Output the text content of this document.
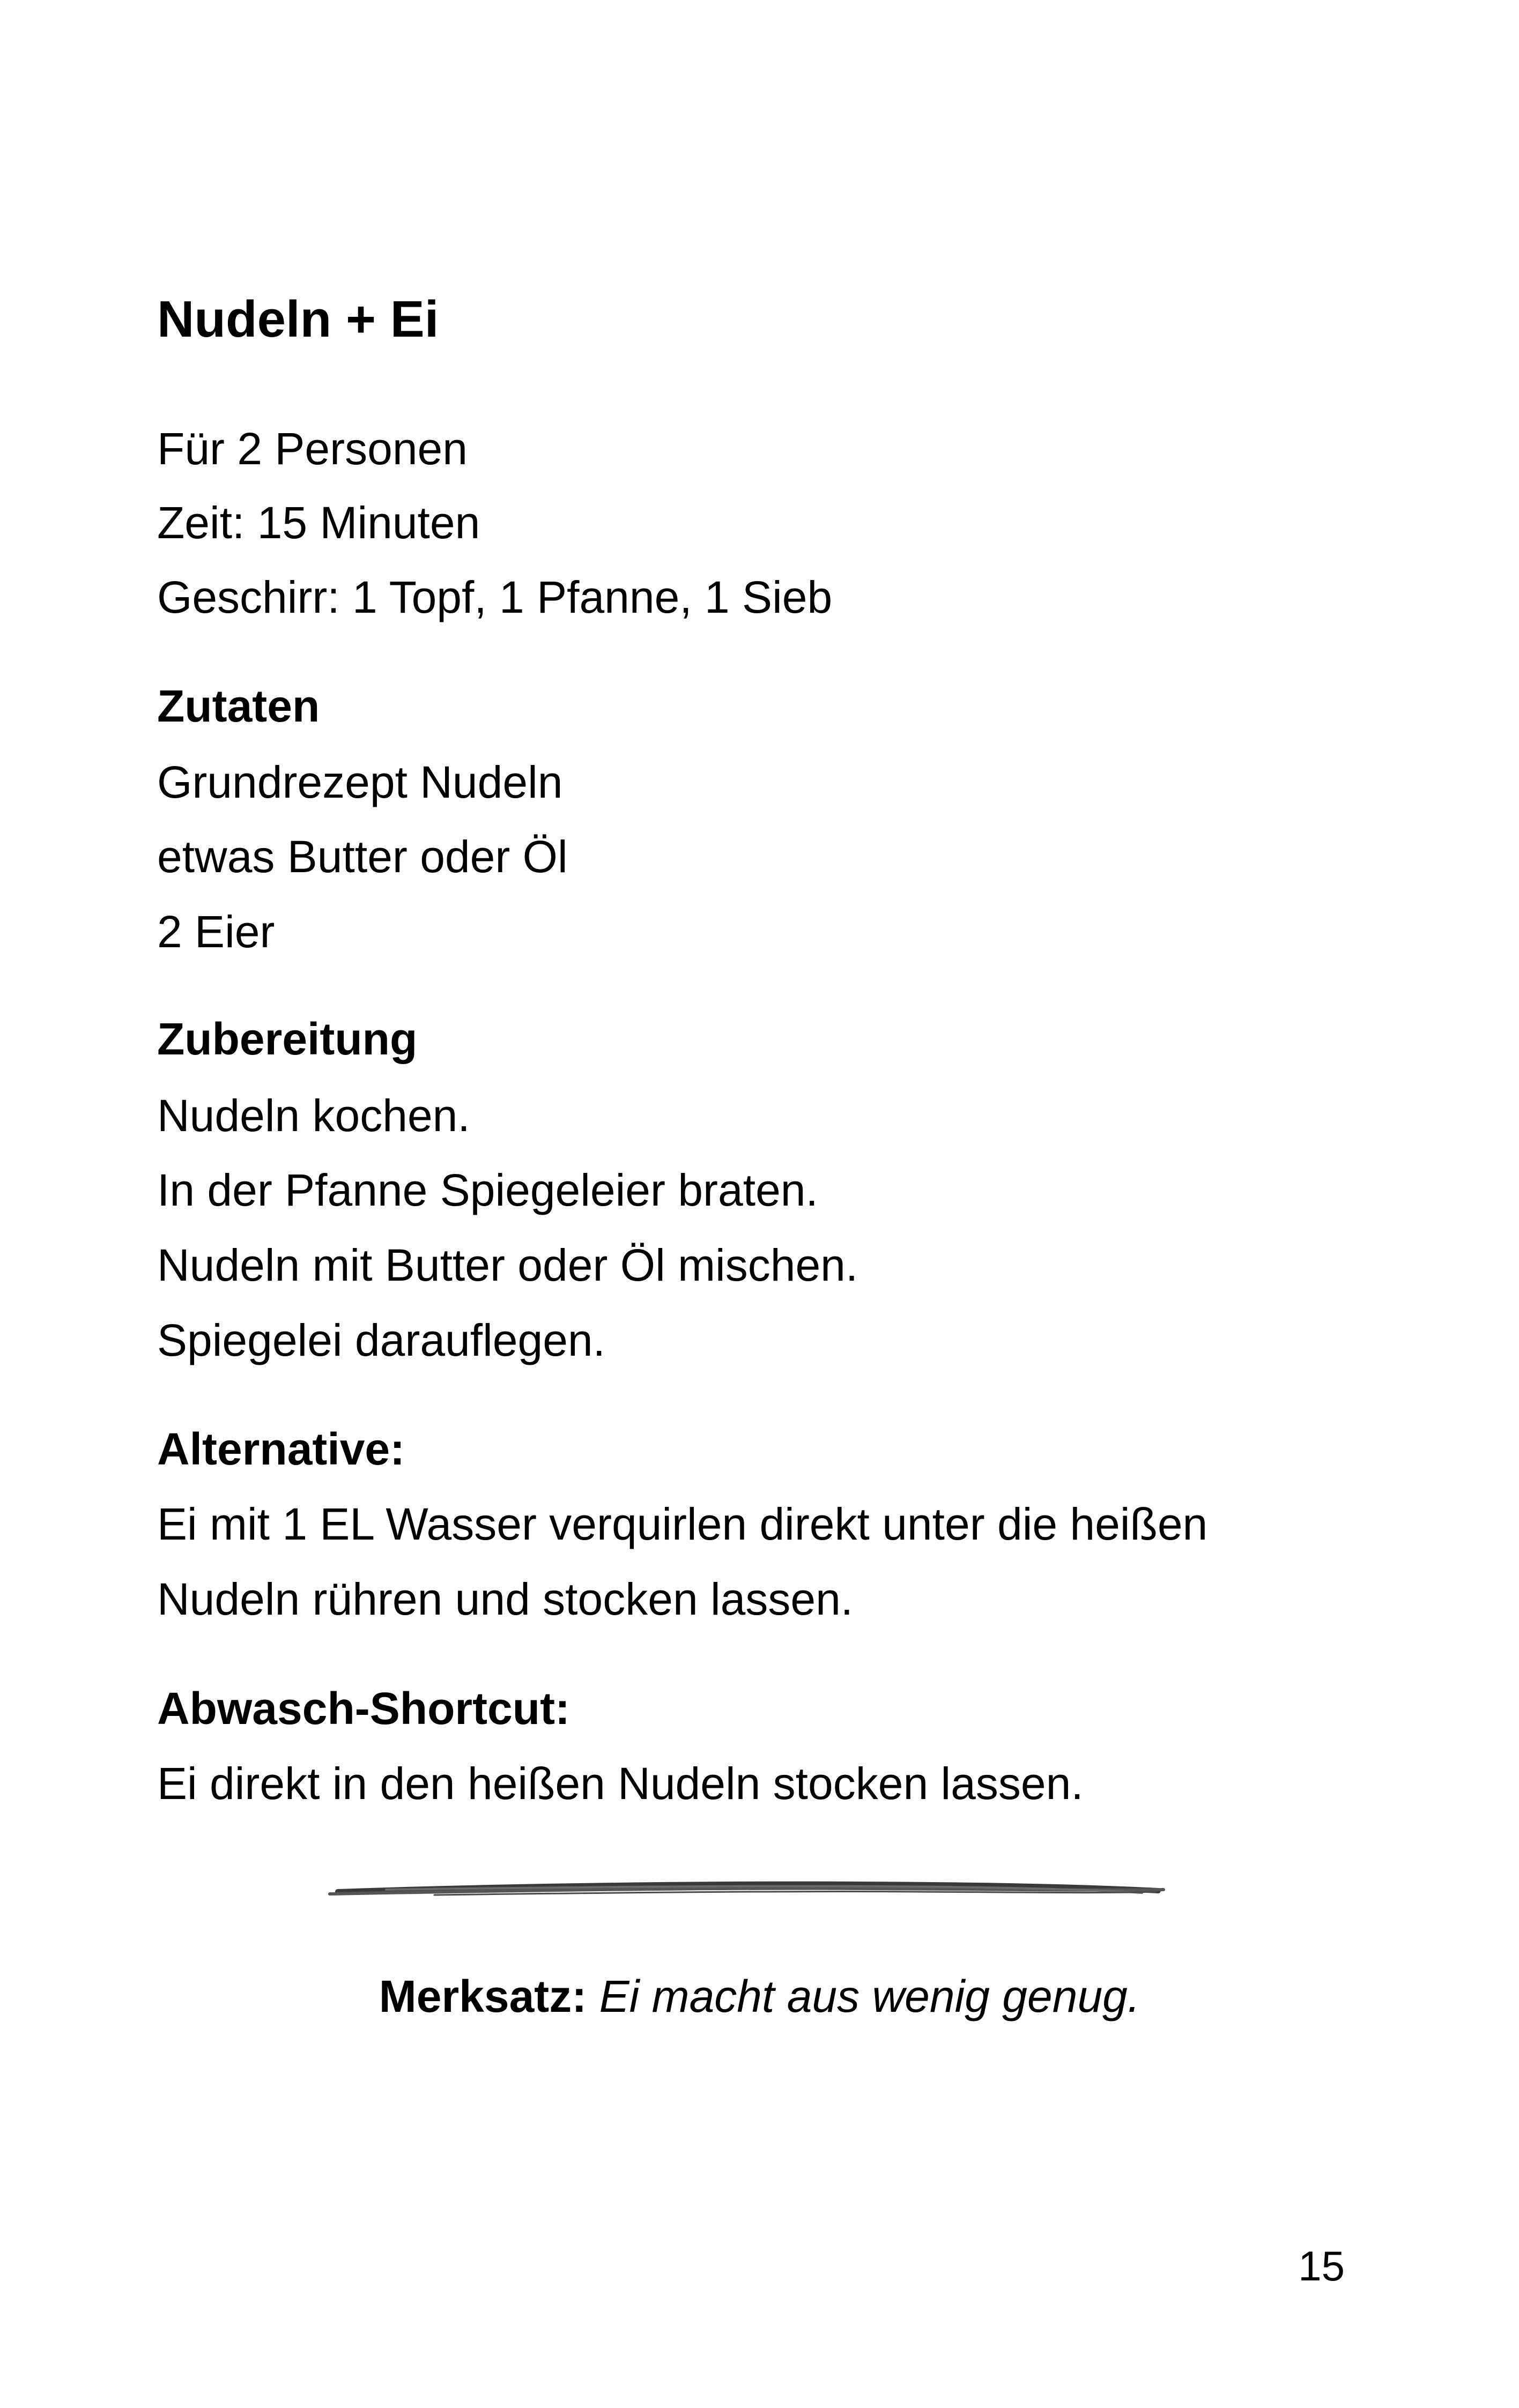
Nudeln + Ei
Für 2 Personen
Zeit: 15 Minuten
Geschirr: 1 Topf, 1 Pfanne, 1 Sieb
Zutaten
Grundrezept Nudeln
etwas Butter oder Öl
2 Eier
Zubereitung
Nudeln kochen.
In der Pfanne Spiegeleier braten.
Nudeln mit Butter oder Öl mischen.
Spiegelei darauflegen.
Alternative:
Ei mit 1 EL Wasser verquirlen direkt unter die heißen
Nudeln rühren und stocken lassen.
Abwasch-Shortcut:
Ei direkt in den heißen Nudeln stocken lassen.
Merksatz: Ei macht aus wenig genug.
15
